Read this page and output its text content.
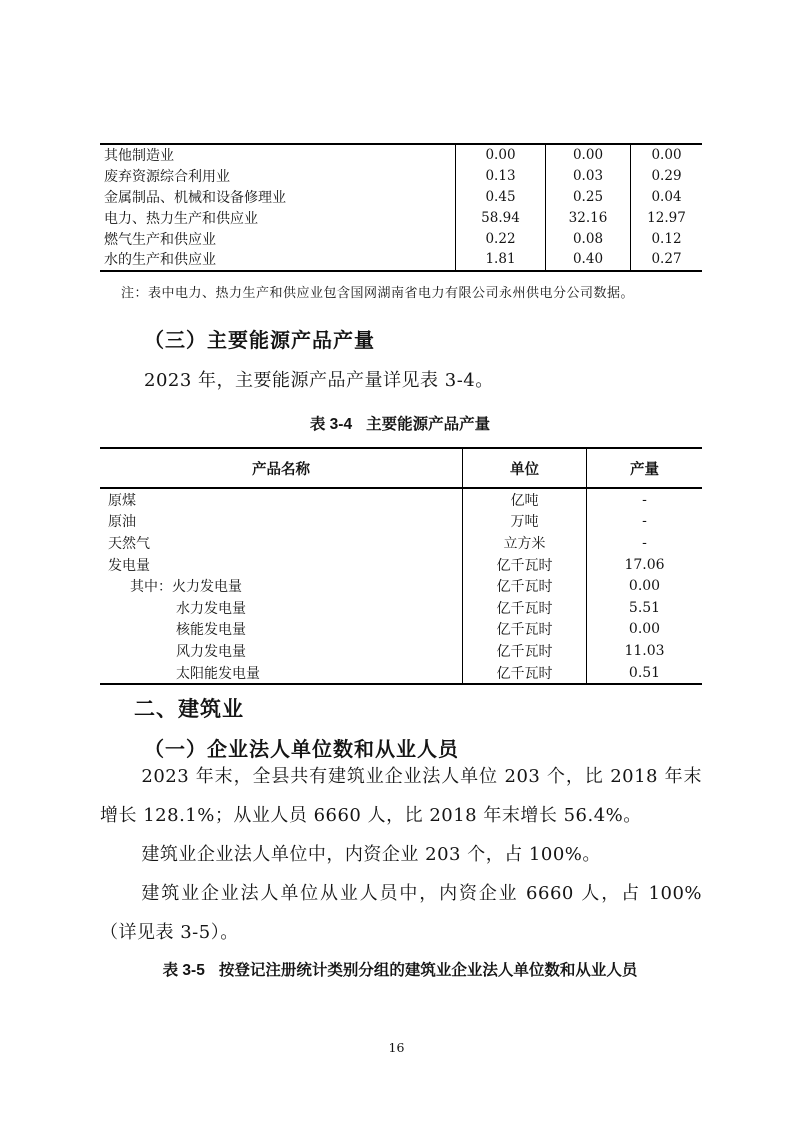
其他制造业	0.00	0.00	0.00
废弃资源综合利用业	0.13	0.03	0.29
金属制品、机械和设备修理业	0.45	0.25	0.04
电力、热力生产和供应业	58.94	32.16	12.97
燃气生产和供应业	0.22	0.08	0.12
水的生产和供应业	1.81	0.40	0.27
注：表中电力、热力生产和供应业包含国网湖南省电力有限公司永州供电分公司数据。
（三）主要能源产品产量
2023 年，主要能源产品产量详见表 3-4。
表 3-4 主要能源产品产量
产品名称	单位	产量
原煤	亿吨	-
原油	万吨	-
天然气	立方米	-
发电量	亿千瓦时	17.06
其中：火力发电量	亿千瓦时	0.00
水力发电量	亿千瓦时	5.51
核能发电量	亿千瓦时	0.00
风力发电量	亿千瓦时	11.03
太阳能发电量	亿千瓦时	0.51
二、建筑业
（一）企业法人单位数和从业人员

2023 年末，全县共有建筑业企业法人单位 203 个，比 2018 年末增长 128.1%；从业人员 6660 人，比 2018 年末增长 56.4%。

建筑业企业法人单位中，内资企业 203 个，占 100%。

建筑业企业法人单位从业人员中，内资企业 6660 人，占 100%（详见表 3-5）。

表 3-5 按登记注册统计类别分组的建筑业企业法人单位数和从业人员
16
